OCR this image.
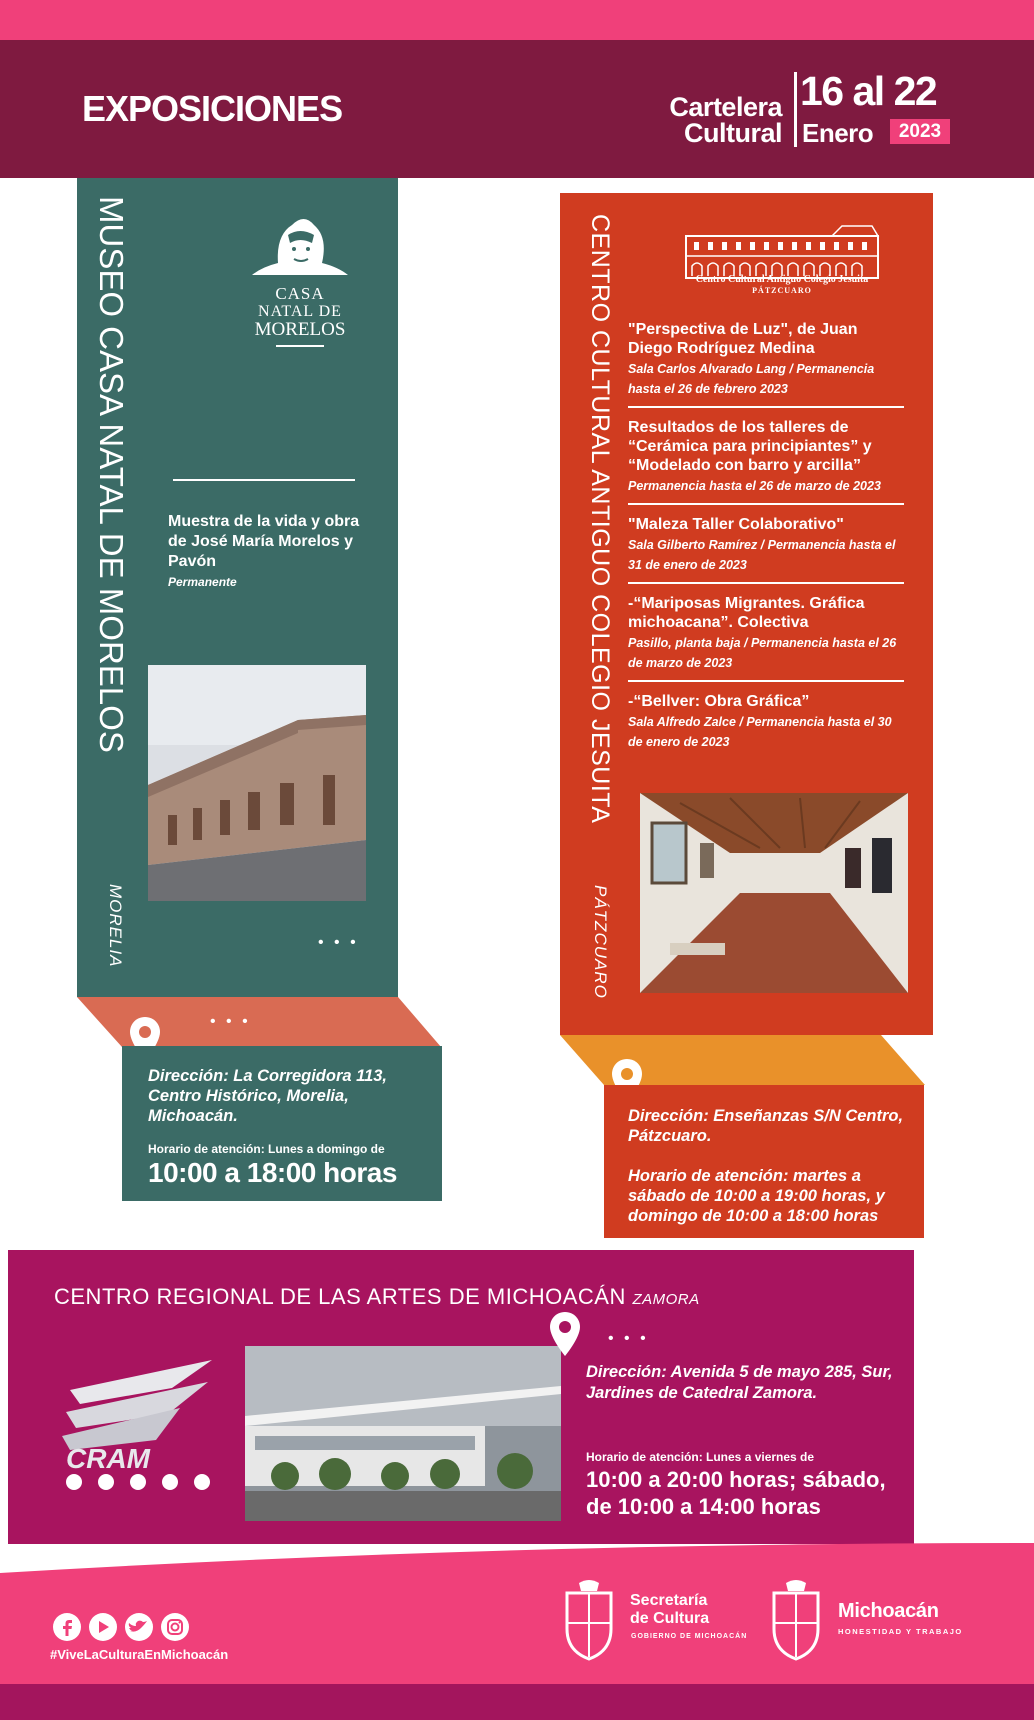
EXPOSICIONES	Cartelera
Cultural
16 al 22
Enero	2023
MUSEO CASA NATAL DE MORELOS
MORELIA
CASA
NATAL DE
MORELOS
Muestra de la vida y obra de José María Morelos y Pavón
Permanente
• • •
• • •
Dirección: La Corregidora 113, Centro Histórico, Morelia, Michoacán.
Horario de atención: Lunes a domingo de
10:00 a 18:00 horas
CENTRO CULTURAL ANTIGUO COLEGIO JESUITA
PÁTZCUARO
Centro Cultural Antiguo Colegio Jesuita
PÁTZCUARO
"Perspectiva de Luz", de Juan Diego Rodríguez Medina
Sala Carlos Alvarado Lang / Permanencia hasta el 26 de febrero 2023
Resultados de los talleres de “Cerámica para principiantes” y “Modelado con barro y arcilla”
Permanencia hasta el 26 de marzo de 2023
"Maleza Taller Colaborativo"
Sala Gilberto Ramírez / Permanencia hasta el 31 de enero de 2023
-“Mariposas Migrantes. Gráfica michoacana”. Colectiva
Pasillo, planta baja / Permanencia hasta el 26 de marzo de 2023
-“Bellver: Obra Gráfica”
Sala Alfredo Zalce / Permanencia hasta el 30 de enero de 2023
Dirección: Enseñanzas S/N Centro, Pátzcuaro.
Horario de atención: martes a sábado de 10:00 a 19:00 horas, y domingo de 10:00 a 18:00 horas
CENTRO REGIONAL DE LAS ARTES DE MICHOACÁN ZAMORA
CRAM
• • •
Dirección: Avenida 5 de mayo 285, Sur, Jardines de Catedral Zamora.
Horario de atención: Lunes a viernes de
10:00 a 20:00 horas; sábado, de 10:00 a 14:00 horas
#ViveLaCulturaEnMichoacán
Secretaría
de Cultura
GOBIERNO DE MICHOACÁN
Michoacán
HONESTIDAD Y TRABAJO
